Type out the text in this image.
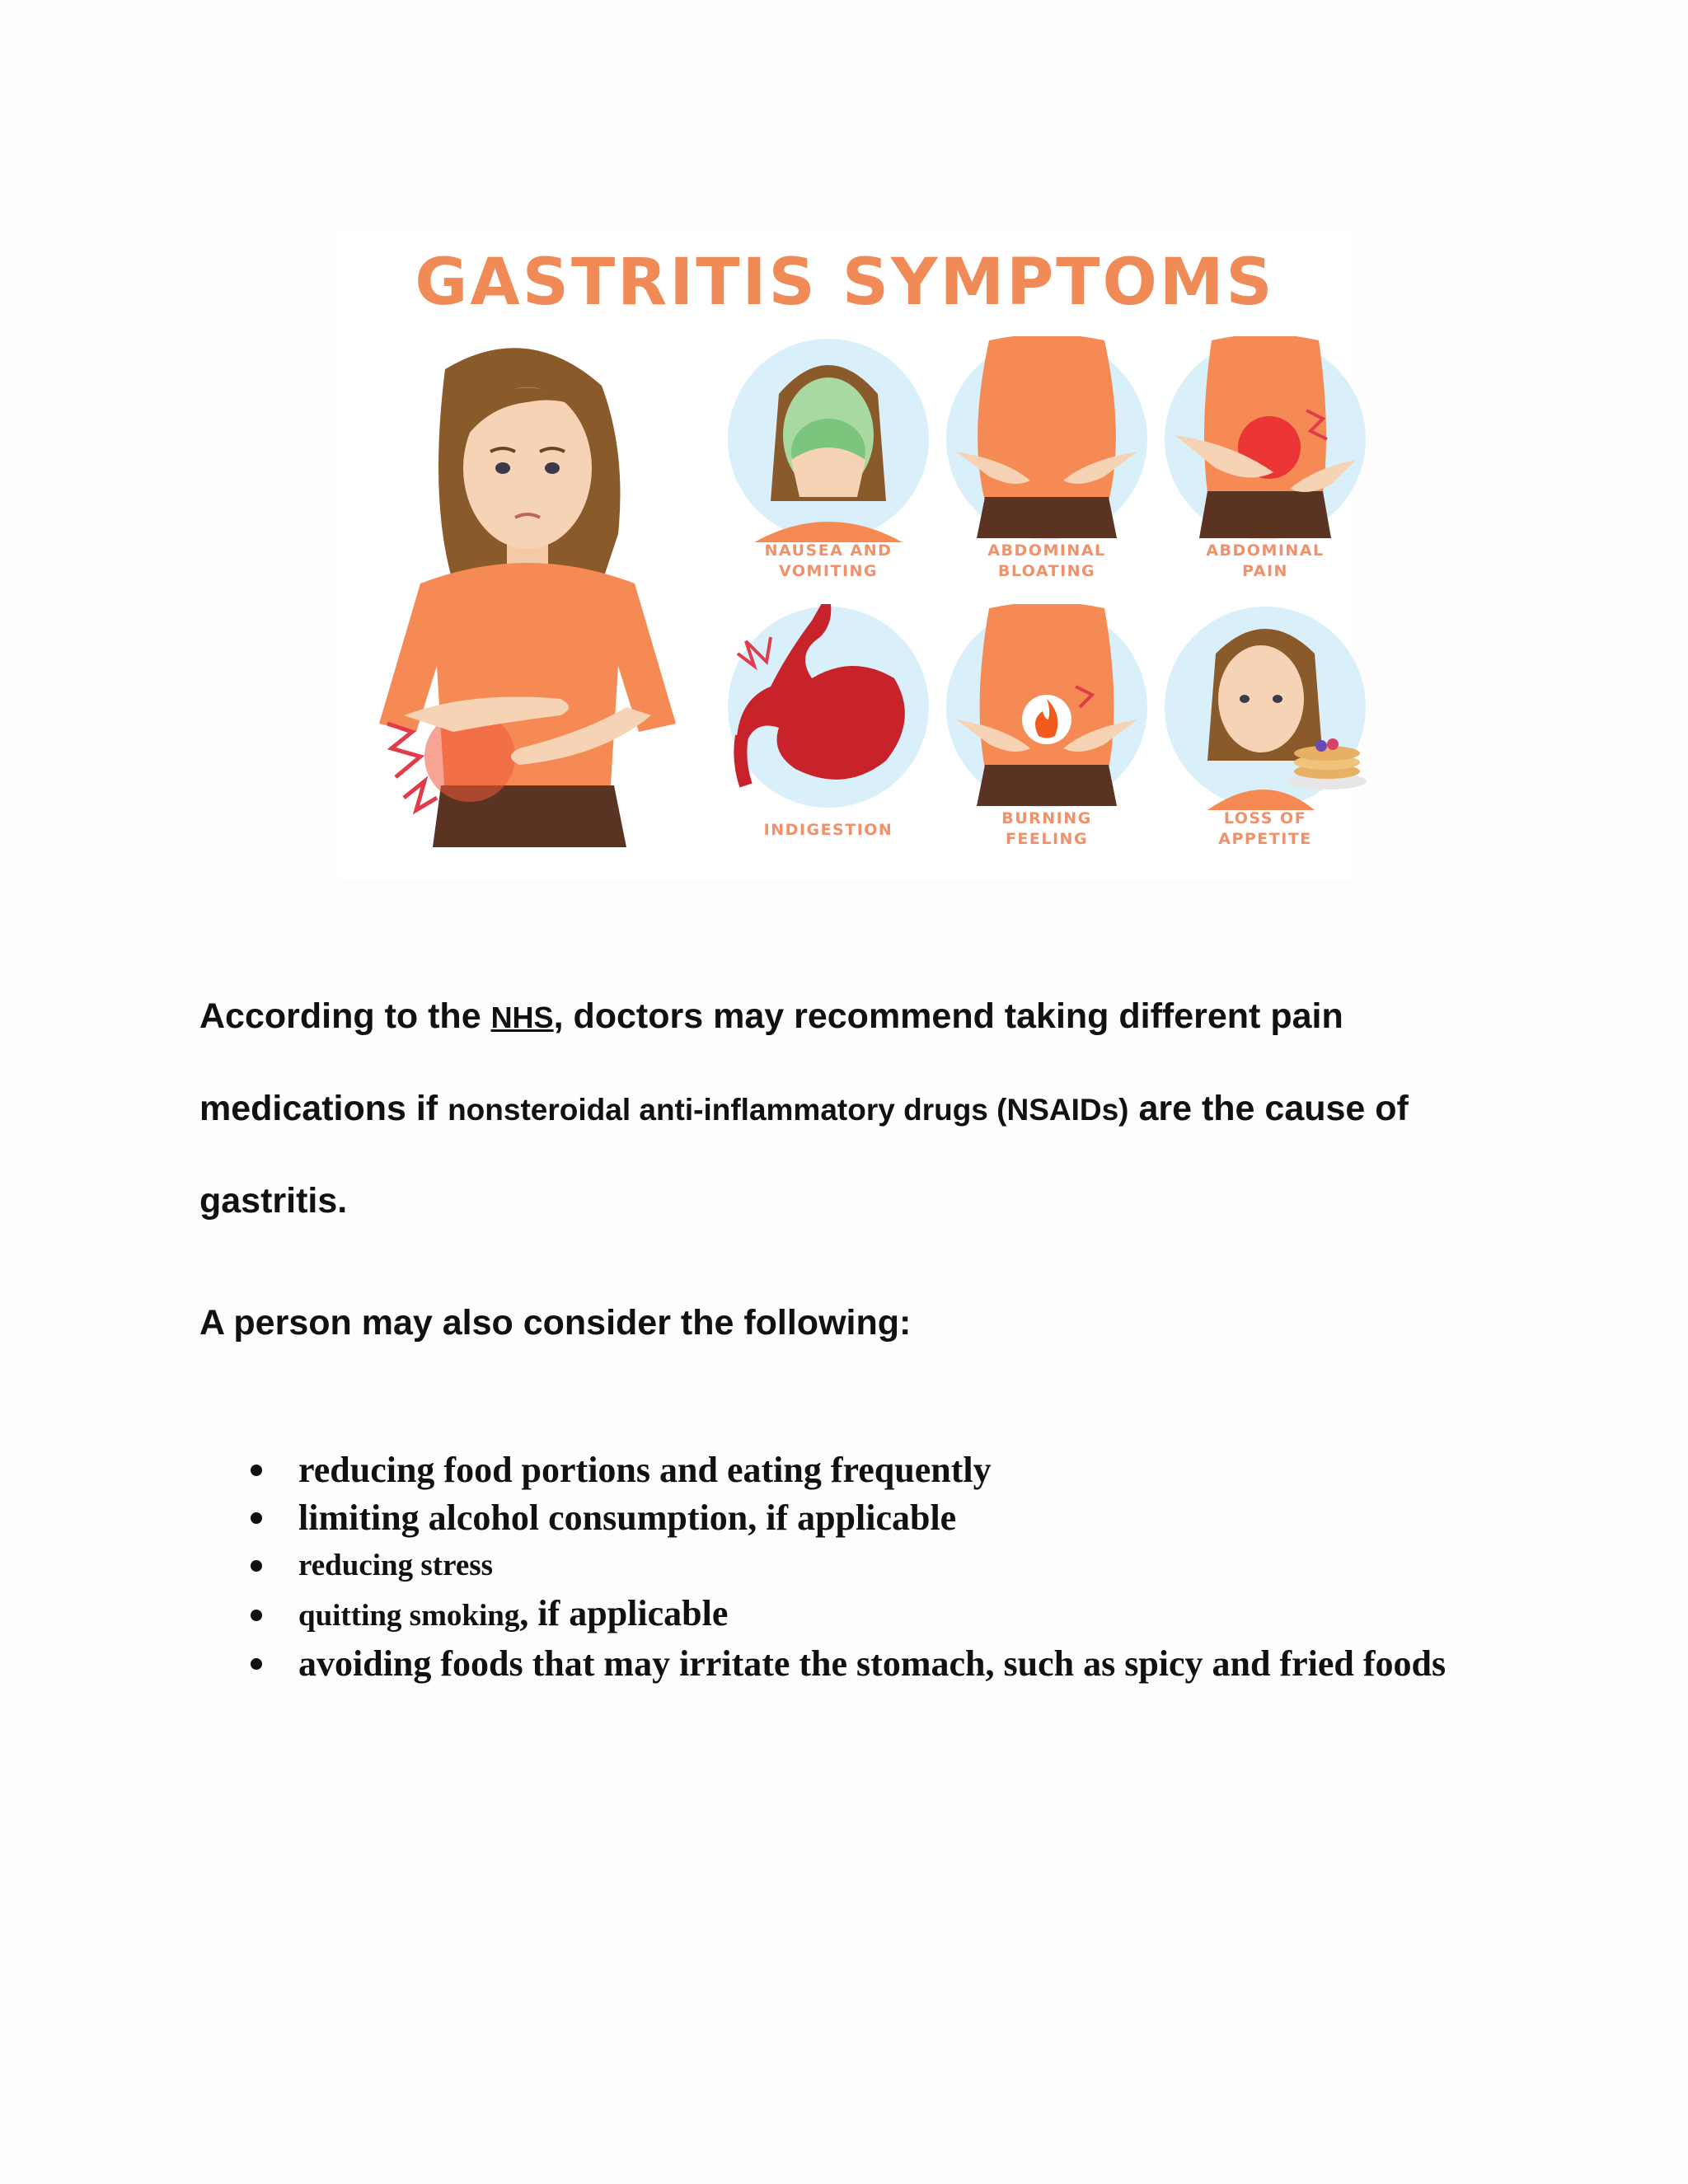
GASTRITIS SYMPTOMS
NAUSEA AND
VOMITING
ABDOMINAL
BLOATING
ABDOMINAL
PAIN
INDIGESTION
BURNING
FEELING
LOSS OF
APPETITE

According to the NHS, doctors may recommend taking different pain medications if nonsteroidal anti-inflammatory drugs (NSAIDs) are the cause of gastritis.

A person may also consider the following:

reducing food portions and eating frequently
limiting alcohol consumption, if applicable
reducing stress
quitting smoking, if applicable
avoiding foods that may irritate the stomach, such as spicy and fried foods
